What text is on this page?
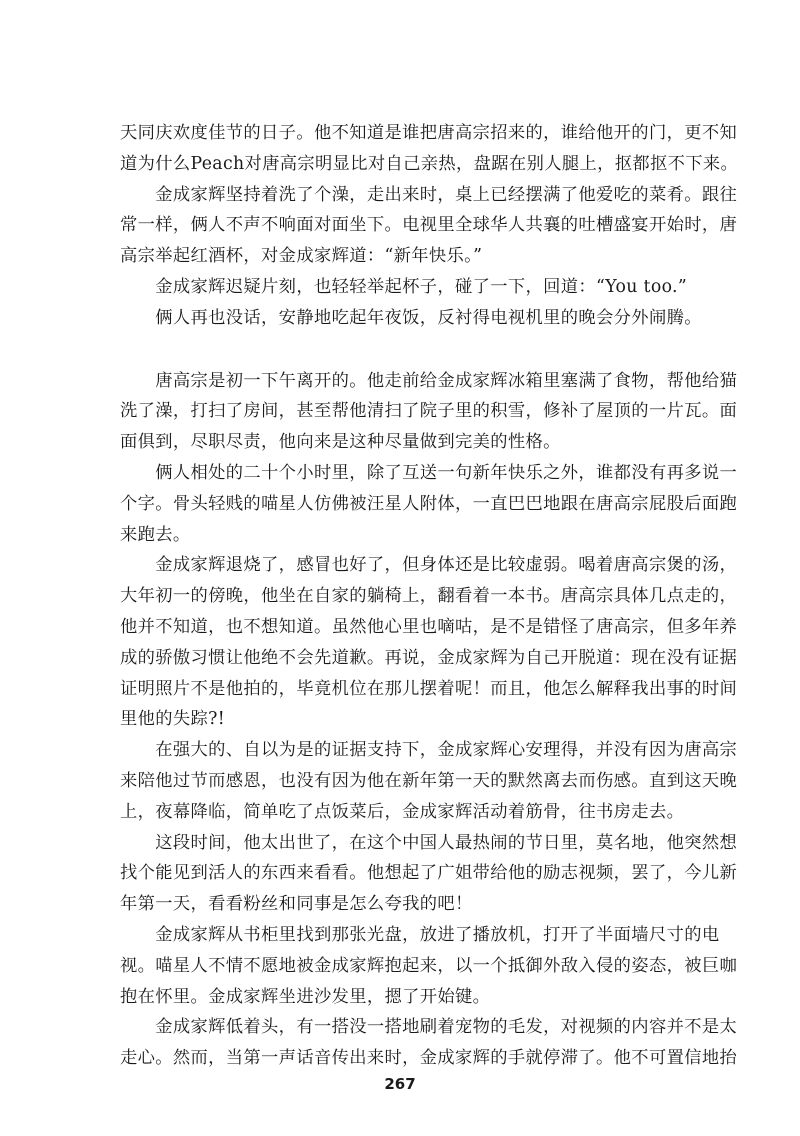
天同庆欢度佳节的日子。他不知道是谁把唐高宗招来的，谁给他开的门，更不知
道为什么Peach对唐高宗明显比对自己亲热，盘踞在别人腿上，抠都抠不下来。
　　金成家辉坚持着洗了个澡，走出来时，桌上已经摆满了他爱吃的菜肴。跟往
常一样，俩人不声不响面对面坐下。电视里全球华人共襄的吐槽盛宴开始时，唐
高宗举起红酒杯，对金成家辉道：“新年快乐。”
　　金成家辉迟疑片刻，也轻轻举起杯子，碰了一下，回道：“You too.”
　　俩人再也没话，安静地吃起年夜饭，反衬得电视机里的晚会分外闹腾。
　　唐高宗是初一下午离开的。他走前给金成家辉冰箱里塞满了食物，帮他给猫
洗了澡，打扫了房间，甚至帮他清扫了院子里的积雪，修补了屋顶的一片瓦。面
面俱到，尽职尽责，他向来是这种尽量做到完美的性格。
　　俩人相处的二十个小时里，除了互送一句新年快乐之外，谁都没有再多说一
个字。骨头轻贱的喵星人仿佛被汪星人附体，一直巴巴地跟在唐高宗屁股后面跑
来跑去。
　　金成家辉退烧了，感冒也好了，但身体还是比较虚弱。喝着唐高宗煲的汤，
大年初一的傍晚，他坐在自家的躺椅上，翻看着一本书。唐高宗具体几点走的，
他并不知道，也不想知道。虽然他心里也嘀咕，是不是错怪了唐高宗，但多年养
成的骄傲习惯让他绝不会先道歉。再说，金成家辉为自己开脱道：现在没有证据
证明照片不是他拍的，毕竟机位在那儿摆着呢！而且，他怎么解释我出事的时间
里他的失踪?!
　　在强大的、自以为是的证据支持下，金成家辉心安理得，并没有因为唐高宗
来陪他过节而感恩，也没有因为他在新年第一天的默然离去而伤感。直到这天晚
上，夜幕降临，简单吃了点饭菜后，金成家辉活动着筋骨，往书房走去。
　　这段时间，他太出世了，在这个中国人最热闹的节日里，莫名地，他突然想
找个能见到活人的东西来看看。他想起了广姐带给他的励志视频，罢了，今儿新
年第一天，看看粉丝和同事是怎么夸我的吧！
　　金成家辉从书柜里找到那张光盘，放进了播放机，打开了半面墙尺寸的电
视。喵星人不情不愿地被金成家辉抱起来，以一个抵御外敌入侵的姿态，被巨咖
抱在怀里。金成家辉坐进沙发里，摁了开始键。
　　金成家辉低着头，有一搭没一搭地刷着宠物的毛发，对视频的内容并不是太
走心。然而，当第一声话音传出来时，金成家辉的手就停滞了。他不可置信地抬
267
